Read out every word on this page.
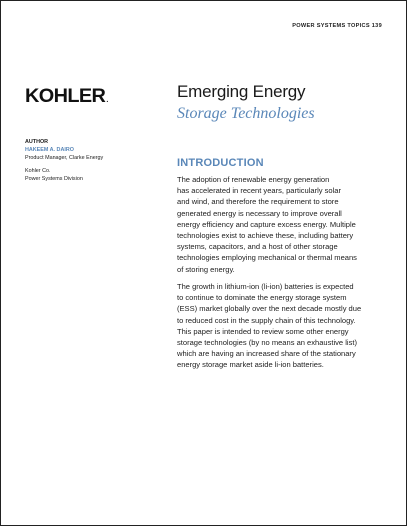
POWER SYSTEMS TOPICS 139
KOHLER.	Emerging Energy
Storage Technologies
AUTHOR
HAKEEM A. DAIRO
Product Manager, Clarke Energy
Kohler Co.
Power Systems Division
INTRODUCTION
The adoption of renewable energy generation
has accelerated in recent years, particularly solar
and wind, and therefore the requirement to store
generated energy is necessary to improve overall
energy efficiency and capture excess energy. Multiple
technologies exist to achieve these, including battery
systems, capacitors, and a host of other storage
technologies employing mechanical or thermal means
of storing energy.
The growth in lithium-ion (li-ion) batteries is expected
to continue to dominate the energy storage system
(ESS) market globally over the next decade mostly due
to reduced cost in the supply chain of this technology.
This paper is intended to review some other energy
storage technologies (by no means an exhaustive list)
which are having an increased share of the stationary
energy storage market aside li-ion batteries.
